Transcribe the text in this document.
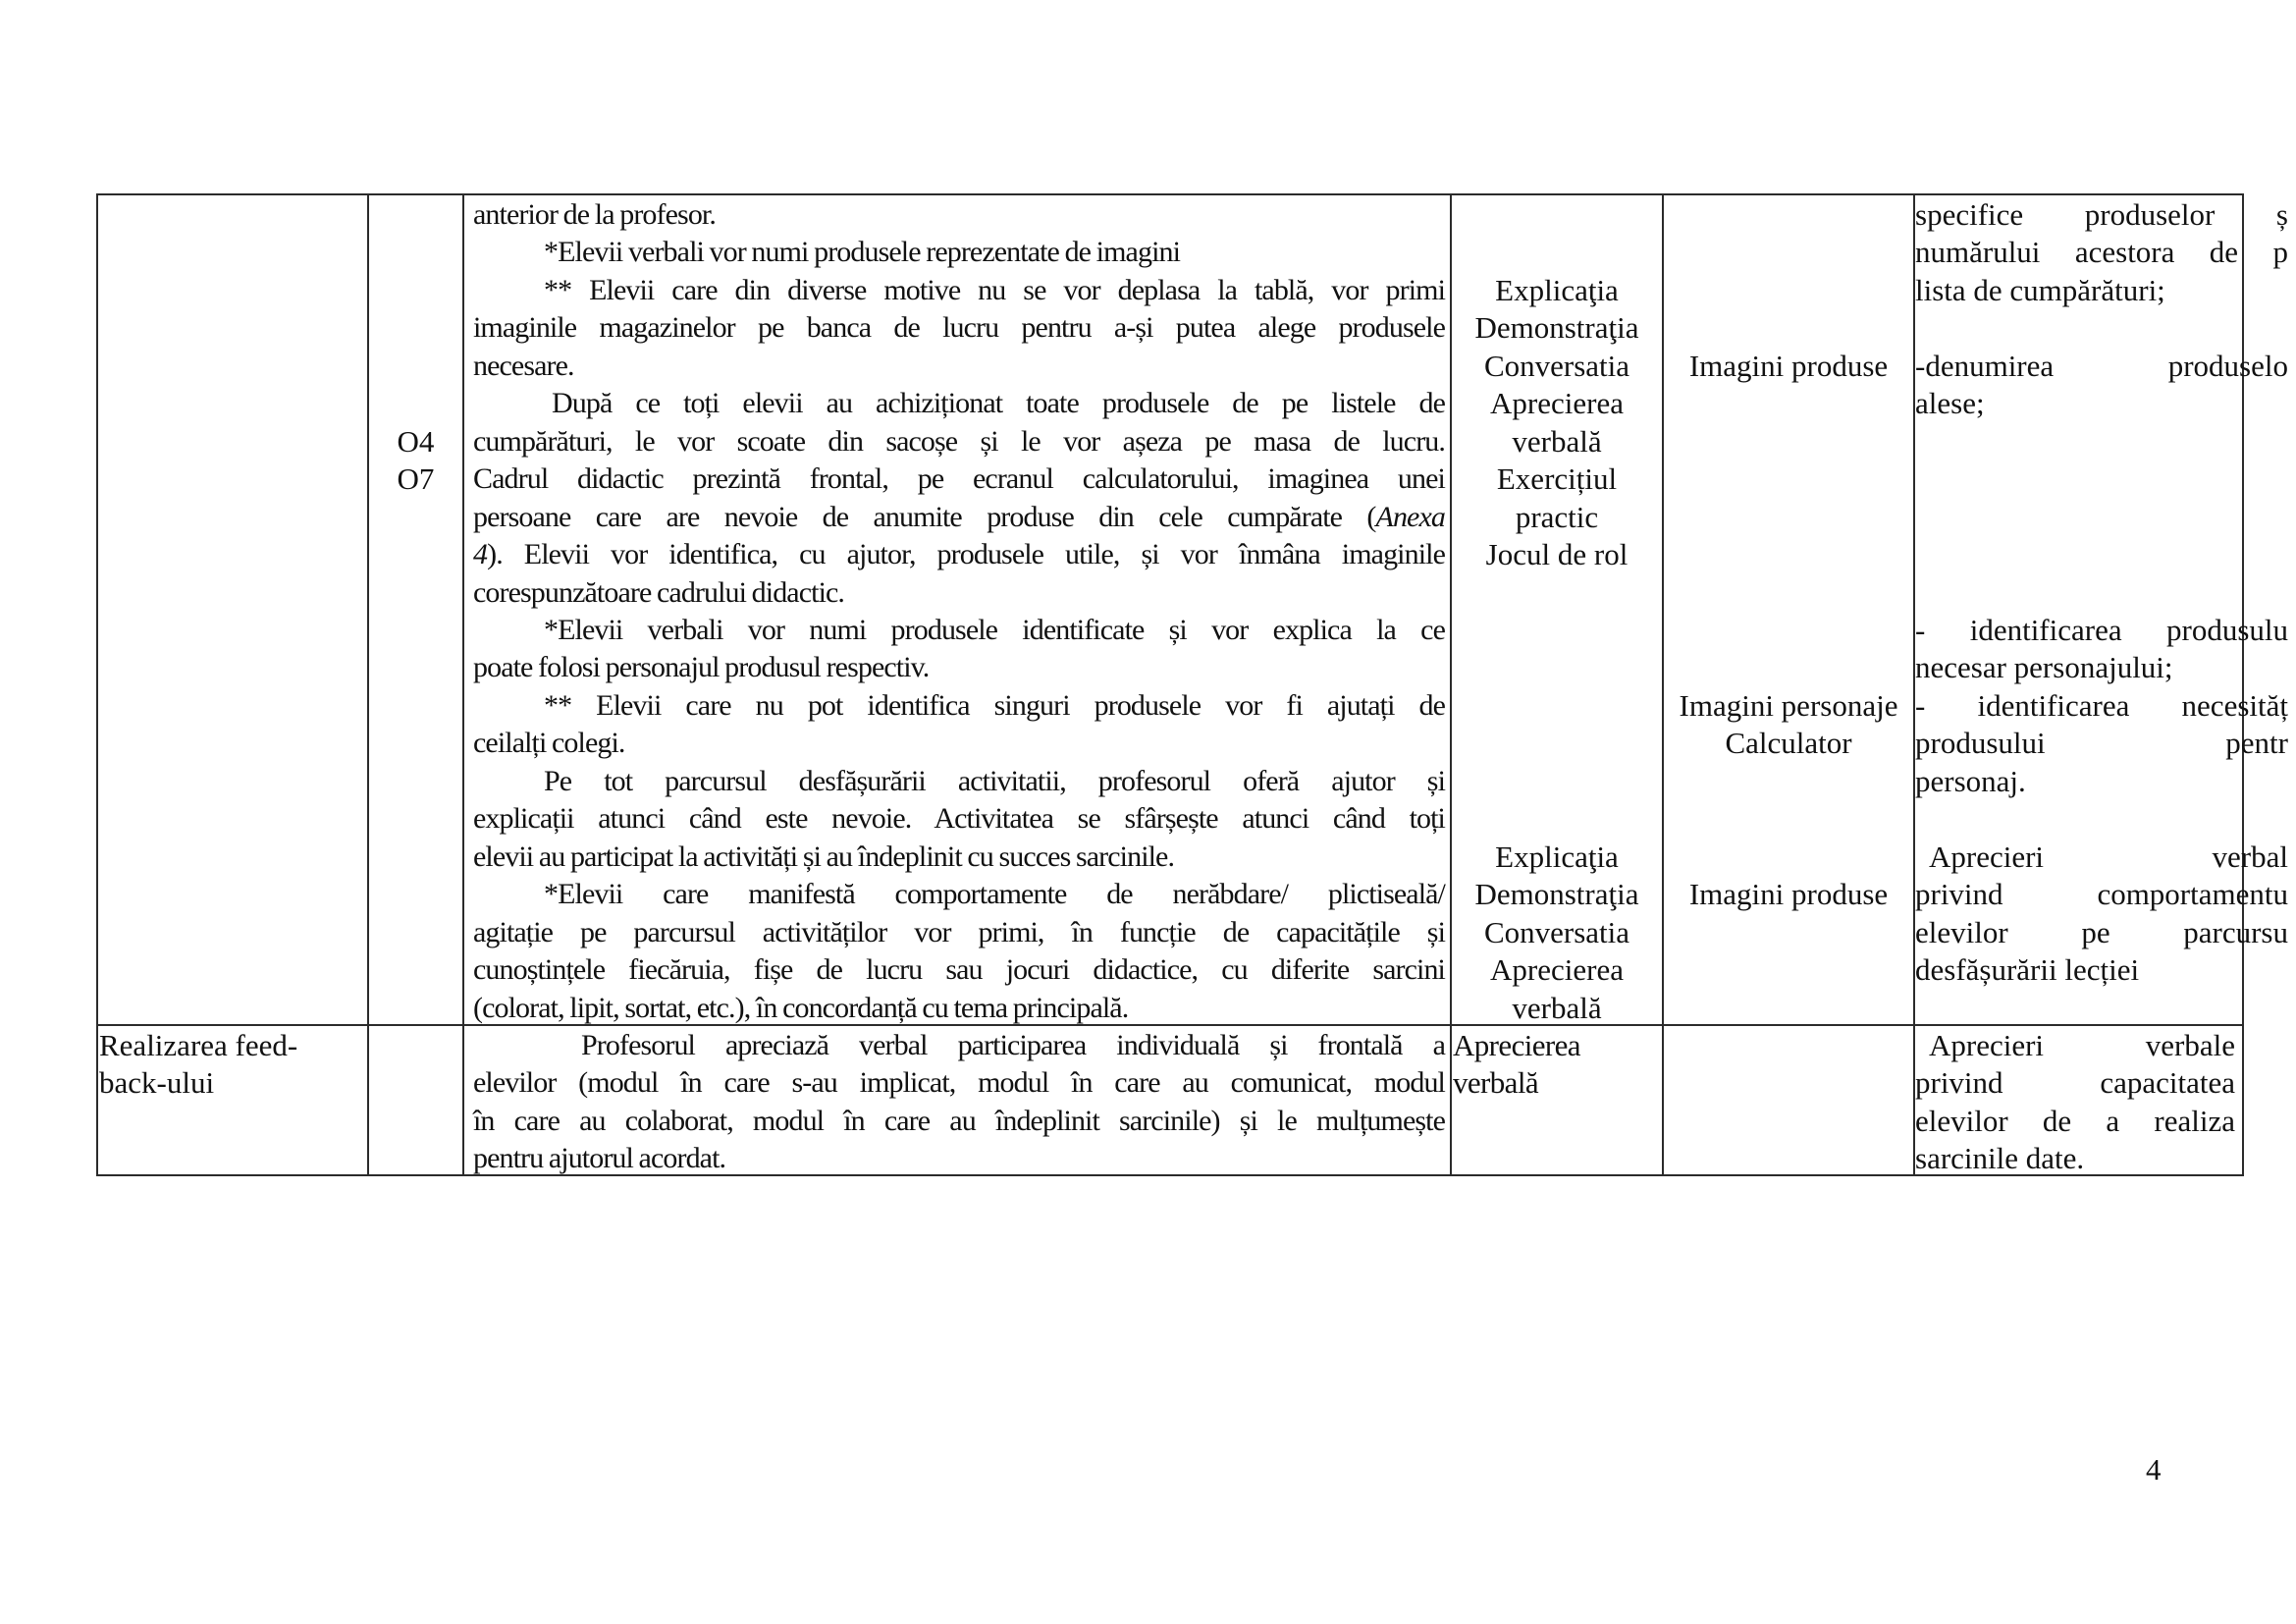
O4
O7
anterior de la profesor.
*Elevii verbali vor numi produsele reprezentate de imagini
** Elevii care din diverse motive nu se vor deplasa la tablă, vor primi
imaginile magazinelor pe banca de lucru pentru a-și putea alege produsele
necesare.
După ce toți elevii au achiziționat toate produsele de pe listele de
cumpărături, le vor scoate din sacoșe și le vor așeza pe masa de lucru.
Cadrul didactic prezintă frontal, pe ecranul calculatorului, imaginea unei
persoane care are nevoie de anumite produse din cele cumpărate (Anexa
4). Elevii vor identifica, cu ajutor, produsele utile, și vor înmâna imaginile
corespunzătoare cadrului didactic.
*Elevii verbali vor numi produsele identificate și vor explica la ce
poate folosi personajul produsul respectiv.
** Elevii care nu pot identifica singuri produsele vor fi ajutați de
ceilalți colegi.
Pe tot parcursul desfășurării activitatii, profesorul oferă ajutor și
explicații atunci când este nevoie. Activitatea se sfârșește atunci când toți
elevii au participat la activități și au îndeplinit cu succes sarcinile.
*Elevii care manifestă comportamente de nerăbdare/ plictiseală/
agitație pe parcursul activităților vor primi, în funcție de capacitățile și
cunoștințele fiecăruia, fișe de lucru sau jocuri didactice, cu diferite sarcini
(colorat, lipit, sortat, etc.), în concordanță cu tema principală.
Explicaţia
Demonstraţia
Conversatia
Aprecierea
verbală
Exercițiul
practic
Jocul de rol
Explicaţia
Demonstraţia
Conversatia
Aprecierea
verbală
Imagini produse
Imagini personaje
Calculator
Imagini produse
specifice produselor ș
numărului acestora de p
lista de cumpărături;
-denumirea produselo
alese;
- identificarea produsulu
necesar personajului;
- identificarea necesităț
produsului pentr
personaj.
Aprecieri verbal
privind comportamentu
elevilor pe parcursu
desfășurării lecției
Realizarea feed-
back-ului
Profesorul apreciază verbal participarea individuală și frontală a
elevilor (modul în care s-au implicat, modul în care au comunicat, modul
în care au colaborat, modul în care au îndeplinit sarcinile) și le mulțumește
pentru ajutorul acordat.
Aprecierea
verbală
Aprecieri verbale
privind capacitatea
elevilor de a realiza
sarcinile date.
4
